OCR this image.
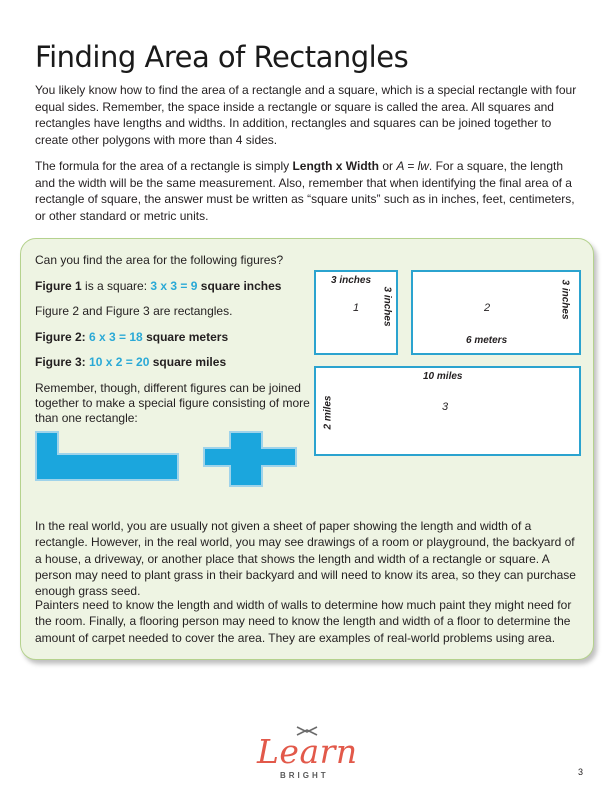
Finding Area of Rectangles

You likely know how to find the area of a rectangle and a square, which is a special rectangle with four equal sides. Remember, the space inside a rectangle or square is called the area. All squares and rectangles have lengths and widths. In addition, rectangles and squares can be joined together to create other polygons with more than 4 sides.

The formula for the area of a rectangle is simply Length x Width or A = lw. For a square, the length and the width will be the same measurement. Also, remember that when identifying the final area of a rectangle of square, the answer must be written as “square units” such as in inches, feet, centimeters, or other standard or metric units.

Can you find the area for the following figures?

Figure 1 is a square: 3 x 3 = 9 square inches

Figure 2 and Figure 3 are rectangles.

Figure 2: 6 x 3 = 18 square meters

Figure 3: 10 x 2 = 20 square miles

Remember, though, different figures can be joined together to make a special figure consisting of more than one rectangle:

3 inches
3 inches
1	3 inches
2
6 meters
10 miles
2 miles	3

In the real world, you are usually not given a sheet of paper showing the length and width of a rectangle. However, in the real world, you may see drawings of a room or playground, the backyard of a house, a driveway, or another place that shows the length and width of a rectangle or square. A person may need to plant grass in their backyard and will need to know its area, so they can purchase enough grass seed.

Painters need to know the length and width of walls to determine how much paint they might need for the room. Finally, a flooring person may need to know the length and width of a floor to determine the amount of carpet needed to cover the area. They are examples of real-world problems using area.

Learn
BRIGHT	3
